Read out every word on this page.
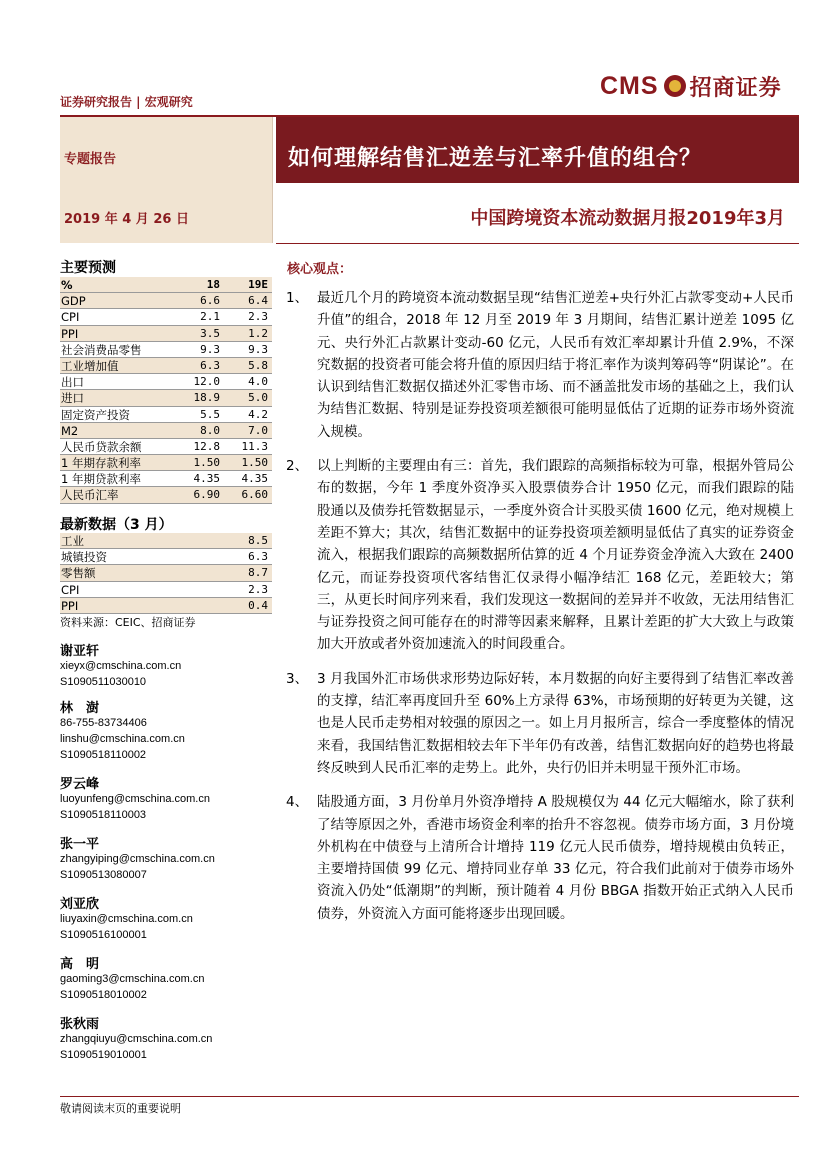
CMS 招商证券
证券研究报告 | 宏观研究
专题报告
2019 年 4 月 26 日
如何理解结售汇逆差与汇率升值的组合？
中国跨境资本流动数据月报2019年3月
主要预测
%	18	19E
GDP	6.6	6.4
CPI	2.1	2.3
PPI	3.5	1.2
社会消费品零售	9.3	9.3
工业增加值	6.3	5.8
出口	12.0	4.0
进口	18.9	5.0
固定资产投资	5.5	4.2
M2	8.0	7.0
人民币贷款余额	12.8	11.3
1 年期存款利率	1.50	1.50
1 年期贷款利率	4.35	4.35
人民币汇率	6.90	6.60
最新数据（3 月）
工业	8.5
城镇投资	6.3
零售额	8.7
CPI	2.3
PPI	0.4
资料来源：CEIC、招商证券
谢亚轩
xieyx@cmschina.com.cn
S1090511030010
林　澍
86-755-83734406
linshu@cmschina.com.cn
S1090518110002
罗云峰
luoyunfeng@cmschina.com.cn
S1090518110003
张一平
zhangyiping@cmschina.com.cn
S1090513080007
刘亚欣
liuyaxin@cmschina.com.cn
S1090516100001
高　明
gaoming3@cmschina.com.cn
S1090518010002
张秋雨
zhangqiuyu@cmschina.com.cn
S1090519010001
核心观点：
1、 最近几个月的跨境资本流动数据呈现“结售汇逆差+央行外汇占款零变动+人民币升值”的组合，2018 年 12 月至 2019 年 3 月期间，结售汇累计逆差 1095 亿元、央行外汇占款累计变动-60 亿元，人民币有效汇率却累计升值 2.9%，不深究数据的投资者可能会将升值的原因归结于将汇率作为谈判筹码等“阴谋论”。在认识到结售汇数据仅描述外汇零售市场、而不涵盖批发市场的基础之上，我们认为结售汇数据、特别是证券投资项差额很可能明显低估了近期的证券市场外资流入规模。
2、 以上判断的主要理由有三：首先，我们跟踪的高频指标较为可靠，根据外管局公布的数据，今年 1 季度外资净买入股票债券合计 1950 亿元，而我们跟踪的陆股通以及债券托管数据显示，一季度外资合计买股买债 1600 亿元，绝对规模上差距不算大；其次，结售汇数据中的证券投资项差额明显低估了真实的证券资金流入，根据我们跟踪的高频数据所估算的近 4 个月证券资金净流入大致在 2400 亿元，而证券投资项代客结售汇仅录得小幅净结汇 168 亿元，差距较大；第三，从更长时间序列来看，我们发现这一数据间的差异并不收敛，无法用结售汇与证券投资之间可能存在的时滞等因素来解释，且累计差距的扩大大致上与政策加大开放或者外资加速流入的时间段重合。
3、 3 月我国外汇市场供求形势边际好转，本月数据的向好主要得到了结售汇率改善的支撑，结汇率再度回升至 60%上方录得 63%，市场预期的好转更为关键，这也是人民币走势相对较强的原因之一。如上月月报所言，综合一季度整体的情况来看，我国结售汇数据相较去年下半年仍有改善，结售汇数据向好的趋势也将最终反映到人民币汇率的走势上。此外，央行仍旧并未明显干预外汇市场。
4、 陆股通方面，3 月份单月外资净增持 A 股规模仅为 44 亿元大幅缩水，除了获利了结等原因之外，香港市场资金利率的抬升不容忽视。债券市场方面，3 月份境外机构在中债登与上清所合计增持 119 亿元人民币债券，增持规模由负转正，主要增持国债 99 亿元、增持同业存单 33 亿元，符合我们此前对于债券市场外资流入仍处“低潮期”的判断，预计随着 4 月份 BBGA 指数开始正式纳入人民币债券，外资流入方面可能将逐步出现回暖。
敬请阅读末页的重要说明
